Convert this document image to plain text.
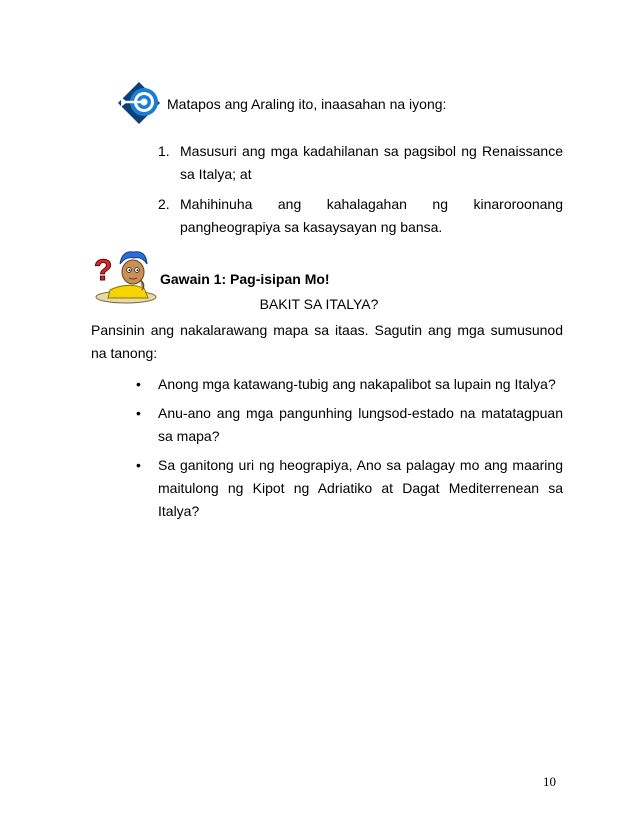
Matapos ang Araling ito, inaasahan na iyong:
1. Masusuri ang mga kadahilanan sa pagsibol ng Renaissance sa Italya; at
2. Mahihinuha ang kahalagahan ng kinaroroonang pangheograpiya sa kasaysayan ng bansa.
?	Gawain 1: Pag-isipan Mo!
BAKIT SA ITALYA?

Pansinin ang nakalarawang mapa sa itaas. Sagutin ang mga sumusunod na tanong:

• Anong mga katawang-tubig ang nakapalibot sa lupain ng Italya?
• Anu-ano ang mga pangunhing lungsod-estado na matatagpuan sa mapa?
• Sa ganitong uri ng heograpiya, Ano sa palagay mo ang maaring maitulong ng Kipot ng Adriatiko at Dagat Mediterrenean sa Italya?
10
